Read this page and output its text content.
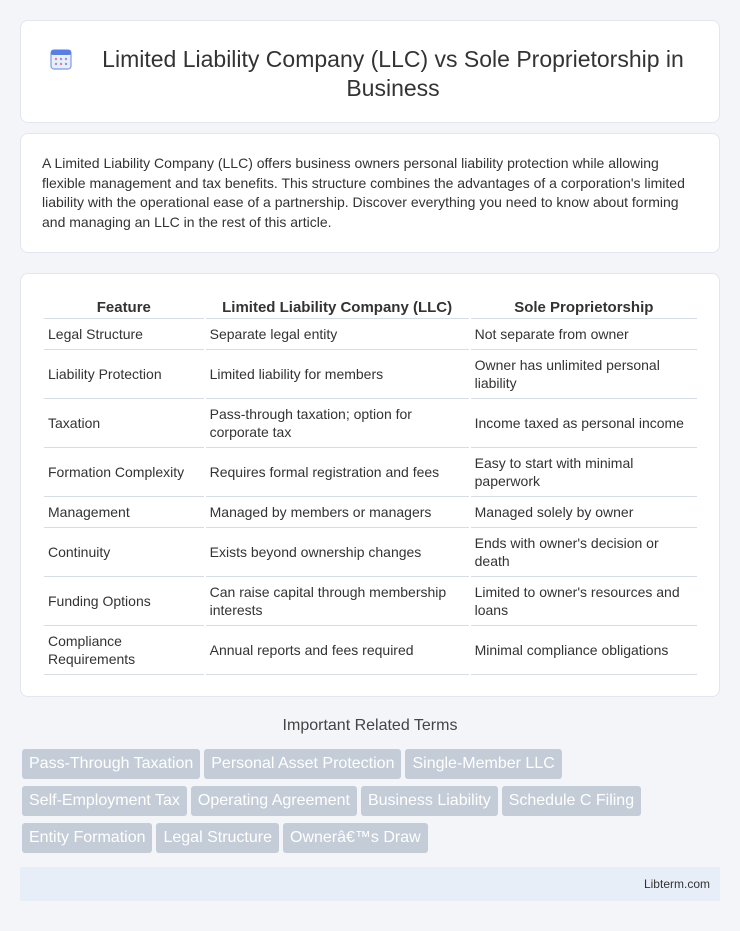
Limited Liability Company (LLC) vs Sole Proprietorship in Business

A Limited Liability Company (LLC) offers business owners personal liability protection while allowing flexible management and tax benefits. This structure combines the advantages of a corporation's limited liability with the operational ease of a partnership. Discover everything you need to know about forming and managing an LLC in the rest of this article.

Feature	Limited Liability Company (LLC)	Sole Proprietorship
Legal Structure	Separate legal entity	Not separate from owner
Liability Protection	Limited liability for members	Owner has unlimited personal liability
Taxation	Pass-through taxation; option for corporate tax	Income taxed as personal income
Formation Complexity	Requires formal registration and fees	Easy to start with minimal paperwork
Management	Managed by members or managers	Managed solely by owner
Continuity	Exists beyond ownership changes	Ends with owner's decision or death
Funding Options	Can raise capital through membership interests	Limited to owner's resources and loans
Compliance Requirements	Annual reports and fees required	Minimal compliance obligations
Important Related Terms
Pass-Through Taxation Personal Asset Protection Single-Member LLC
Self-Employment Tax Operating Agreement Business Liability Schedule C Filing
Entity Formation Legal Structure Ownerâ€™s Draw
Libterm.com
